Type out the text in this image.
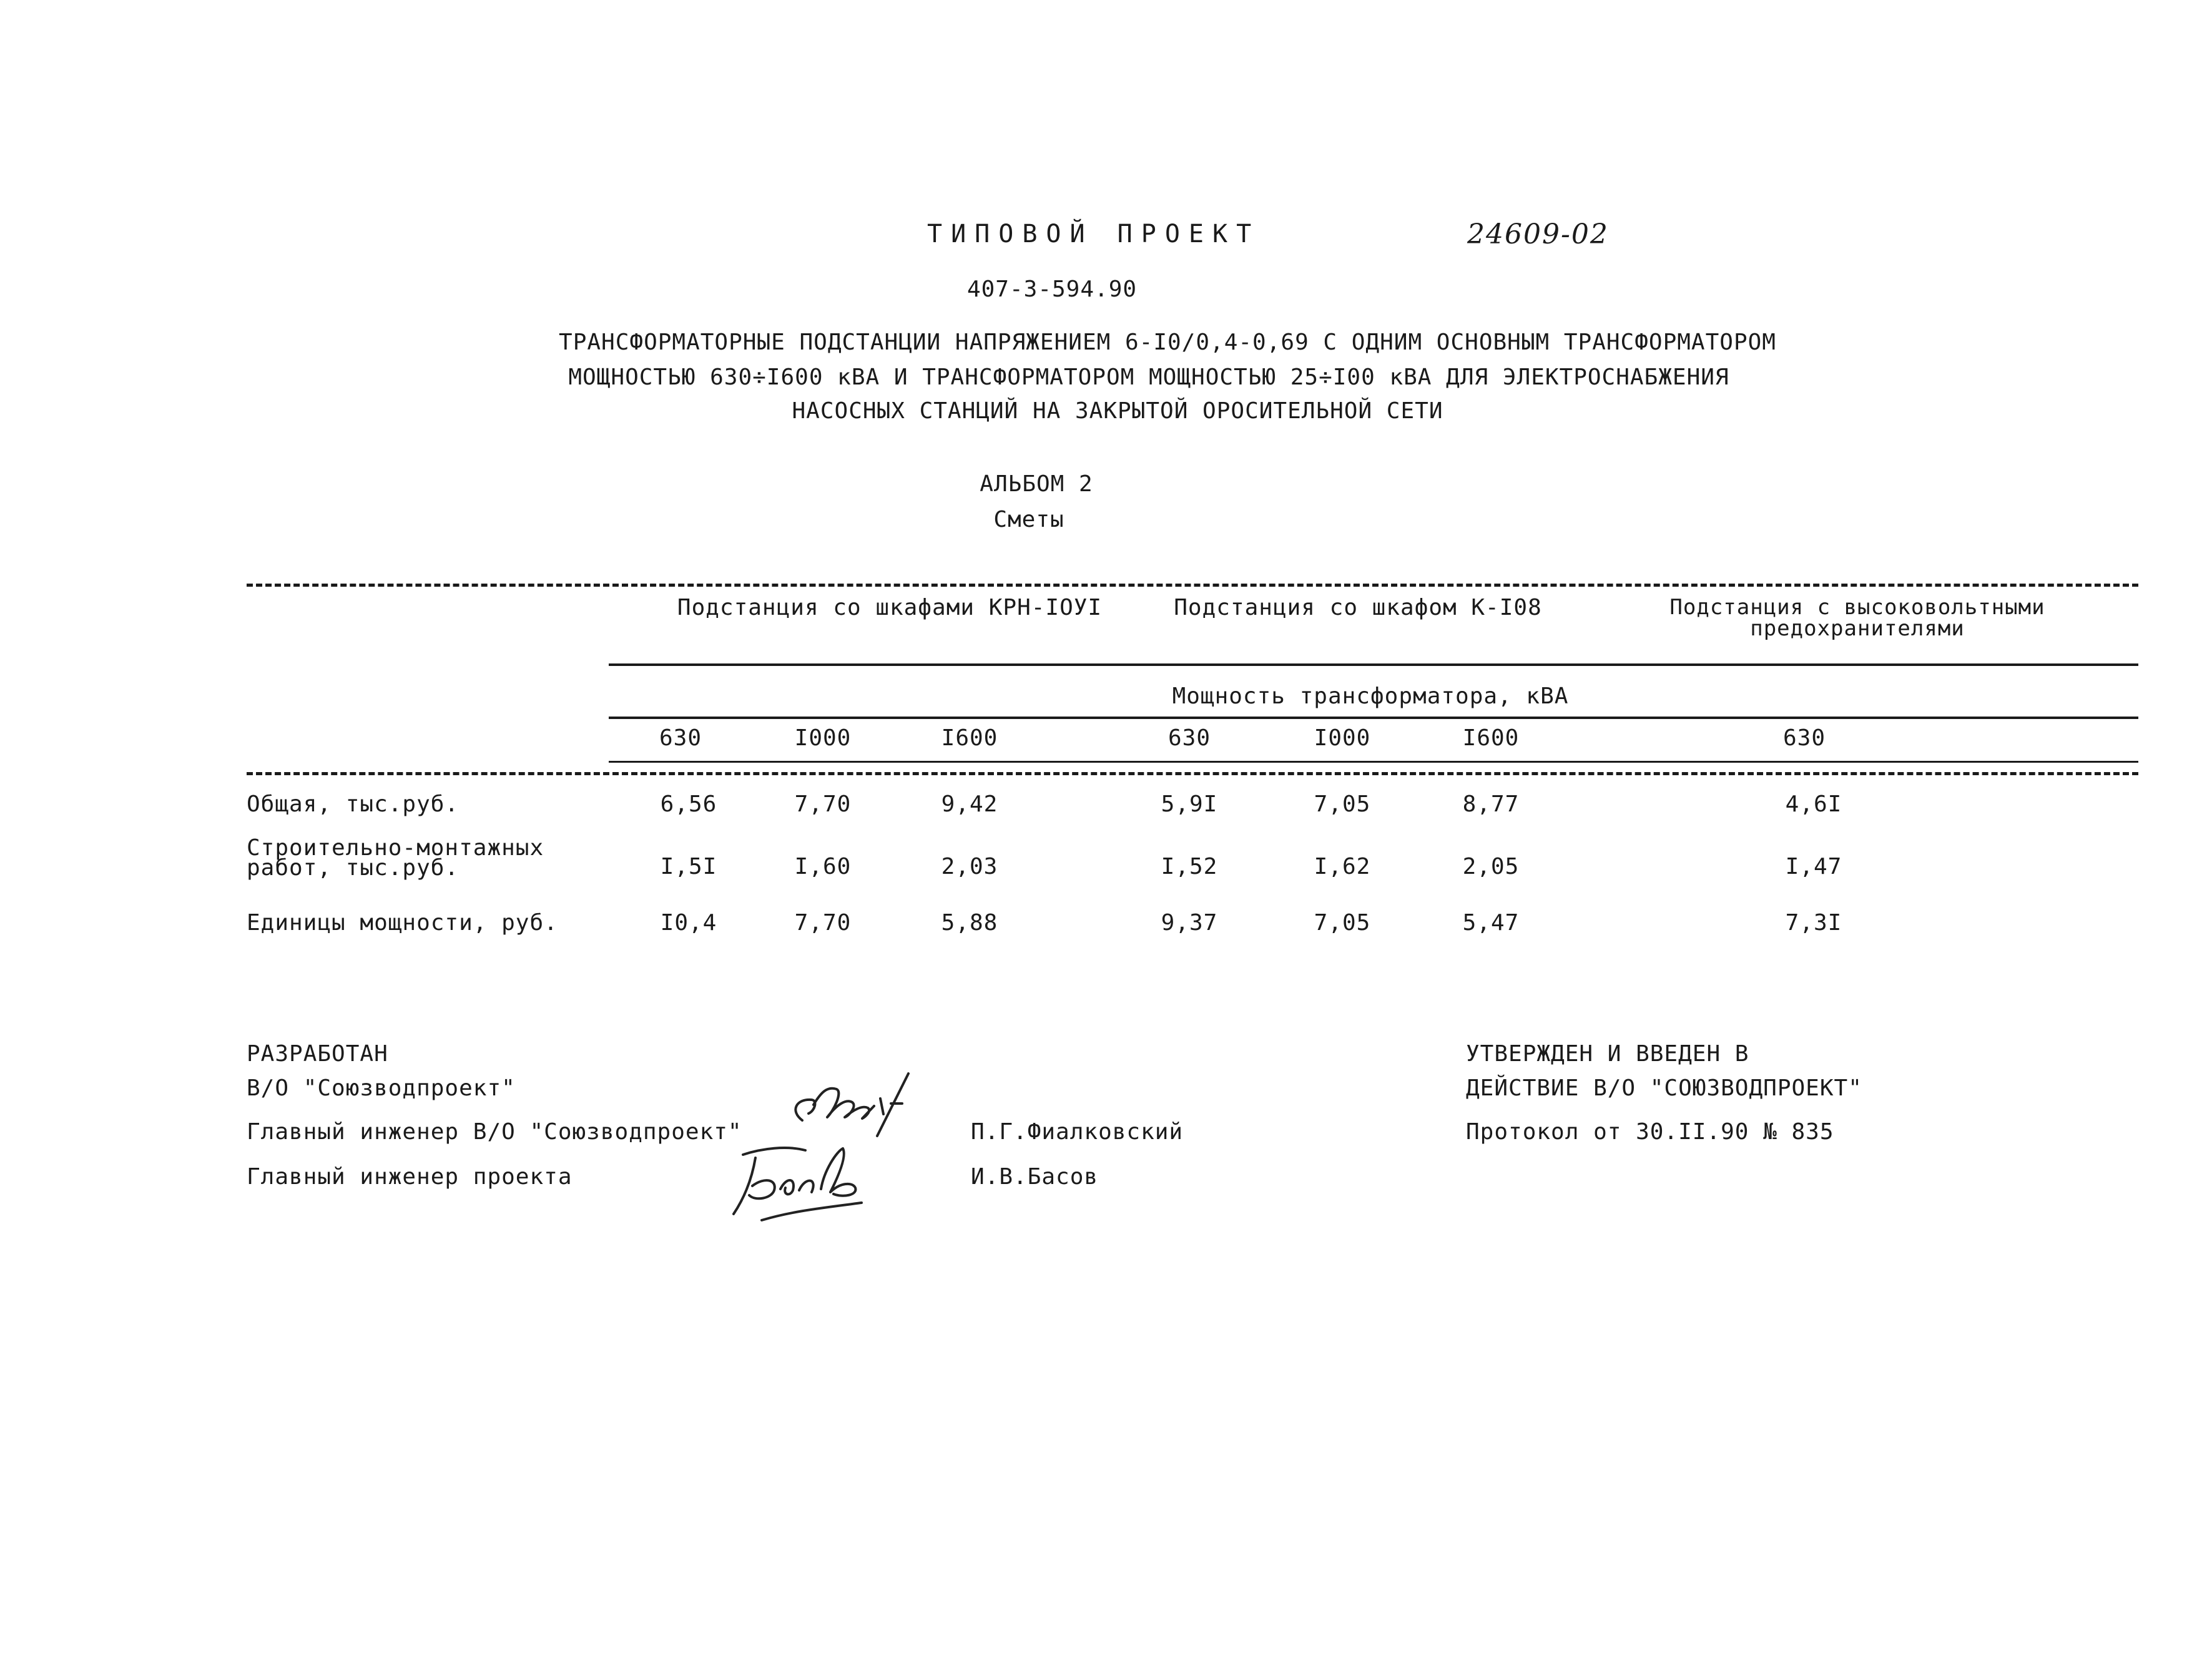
ТИПОВОЙ ПРОЕКТ	24609-02
407-3-594.90
ТРАНСФОРМАТОРНЫЕ ПОДСТАНЦИИ НАПРЯЖЕНИЕМ 6-I0/0,4-0,69 С ОДНИМ ОСНОВНЫМ ТРАНСФОРМАТОРОМ
МОЩНОСТЬЮ 630÷I600 кВА И ТРАНСФОРМАТОРОМ МОЩНОСТЬЮ 25÷I00 кВА ДЛЯ ЭЛЕКТРОСНАБЖЕНИЯ
НАСОСНЫХ СТАНЦИЙ НА ЗАКРЫТОЙ ОРОСИТЕЛЬНОЙ СЕТИ
АЛЬБОМ 2
Сметы
Подстанция со шкафами КРН-IOУI	Подстанция со шкафом К-I08	Подстанция с высоковольтными
предохранителями
Мощность трансформатора, кВА
630	I000	I600	630	I000	I600	630
Общая, тыс.руб.	6,56	7,70	9,42	5,9I	7,05	8,77	4,6I
Строительно-монтажных
работ, тыс.руб.	I,5I	I,60	2,03	I,52	I,62	2,05	I,47
Единицы мощности, руб.	I0,4	7,70	5,88	9,37	7,05	5,47	7,3I
РАЗРАБОТАН
В/О "Союзводпроект"
Главный инженер В/О "Союзводпроект"	П.Г.Фиалковский
Главный инженер проекта	И.В.Басов
УТВЕРЖДЕН И ВВЕДЕН В
ДЕЙСТВИЕ В/О "СОЮЗВОДПРОЕКТ"
Протокол от 30.II.90 № 835
